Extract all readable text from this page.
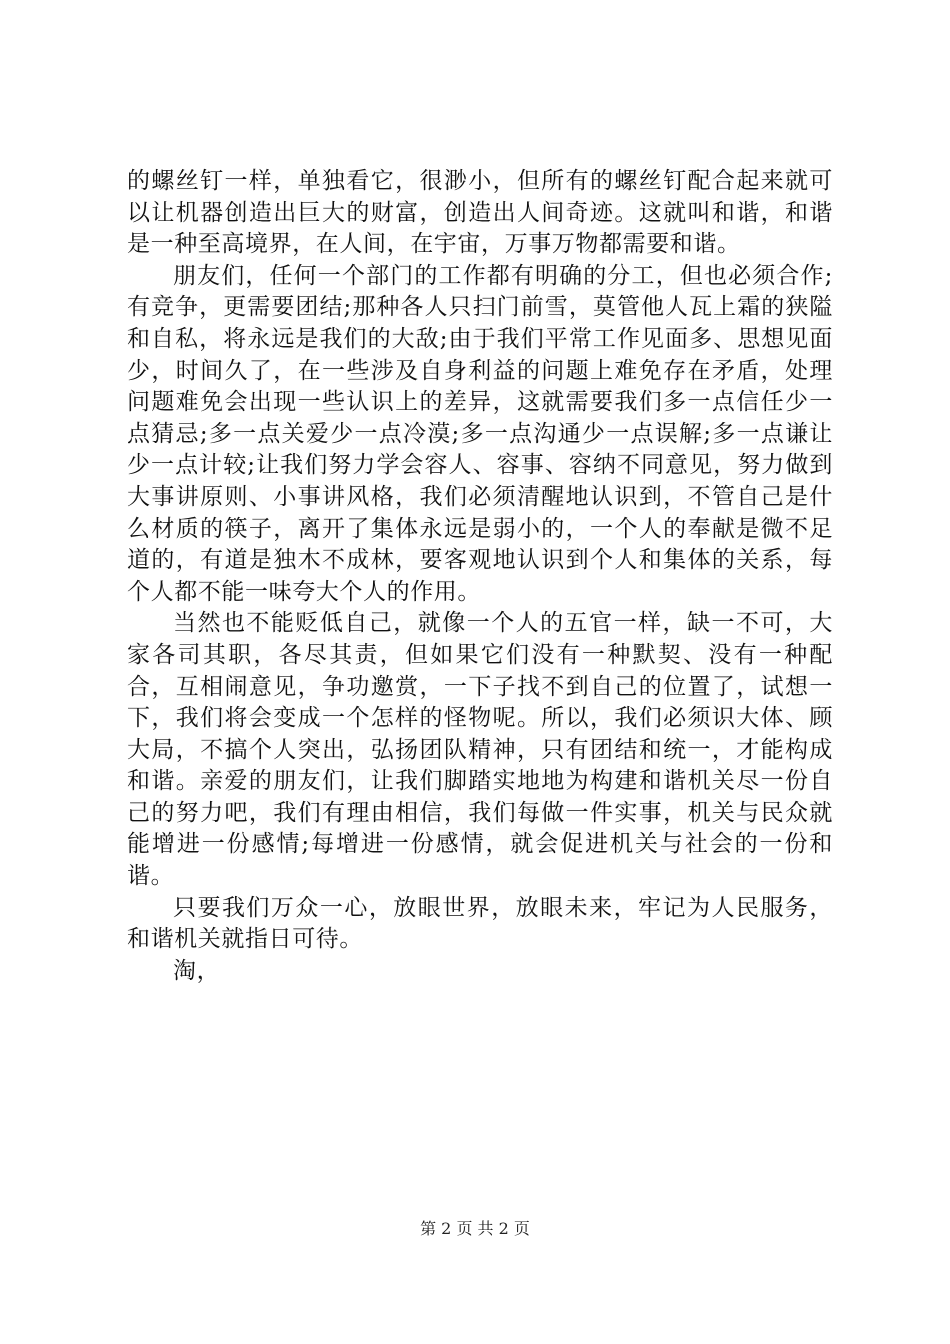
的螺丝钉一样，单独看它，很渺小，但所有的螺丝钉配合起来就可以让机器创造出巨大的财富，创造出人间奇迹。这就叫和谐，和谐是一种至高境界，在人间，在宇宙，万事万物都需要和谐。

朋友们，任何一个部门的工作都有明确的分工，但也必须合作;有竞争，更需要团结;那种各人只扫门前雪，莫管他人瓦上霜的狭隘和自私，将永远是我们的大敌;由于我们平常工作见面多、思想见面少，时间久了，在一些涉及自身利益的问题上难免存在矛盾，处理问题难免会出现一些认识上的差异，这就需要我们多一点信任少一点猜忌;多一点关爱少一点冷漠;多一点沟通少一点误解;多一点谦让少一点计较;让我们努力学会容人、容事、容纳不同意见，努力做到大事讲原则、小事讲风格，我们必须清醒地认识到，不管自己是什么材质的筷子，离开了集体永远是弱小的，一个人的奉献是微不足道的，有道是独木不成林，要客观地认识到个人和集体的关系，每个人都不能一味夸大个人的作用。

当然也不能贬低自己，就像一个人的五官一样，缺一不可，大家各司其职，各尽其责，但如果它们没有一种默契、没有一种配合，互相闹意见，争功邀赏，一下子找不到自己的位置了，试想一下，我们将会变成一个怎样的怪物呢。所以，我们必须识大体、顾大局，不搞个人突出，弘扬团队精神，只有团结和统一，才能构成和谐。亲爱的朋友们，让我们脚踏实地地为构建和谐机关尽一份自己的努力吧，我们有理由相信，我们每做一件实事，机关与民众就能增进一份感情;每增进一份感情，就会促进机关与社会的一份和谐。

只要我们万众一心，放眼世界，放眼未来，牢记为人民服务，和谐机关就指日可待。

淘，

第 2 页 共 2 页
